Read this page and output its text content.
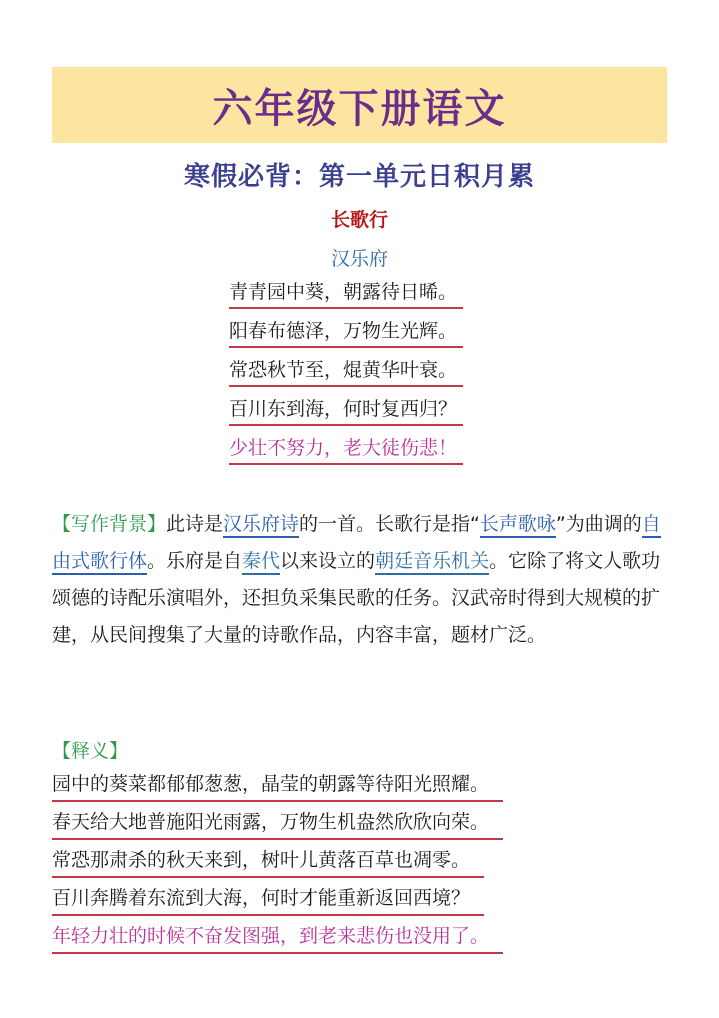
六年级下册语文
寒假必背：第一单元日积月累
长歌行
汉乐府
青青园中葵，朝露待日晞。
阳春布德泽，万物生光辉。
常恐秋节至，焜黄华叶衰。
百川东到海，何时复西归？
少壮不努力，老大徒伤悲！
【写作背景】此诗是汉乐府诗的一首。长歌行是指“长声歌咏”为曲调的自由式歌行体。乐府是自秦代以来设立的朝廷音乐机关。它除了将文人歌功颂德的诗配乐演唱外，还担负采集民歌的任务。汉武帝时得到大规模的扩建，从民间搜集了大量的诗歌作品，内容丰富，题材广泛。
【释义】
园中的葵菜都郁郁葱葱，晶莹的朝露等待阳光照耀。
春天给大地普施阳光雨露，万物生机盎然欣欣向荣。
常恐那肃杀的秋天来到，树叶儿黄落百草也凋零。
百川奔腾着东流到大海，何时才能重新返回西境？
年轻力壮的时候不奋发图强，到老来悲伤也没用了。
